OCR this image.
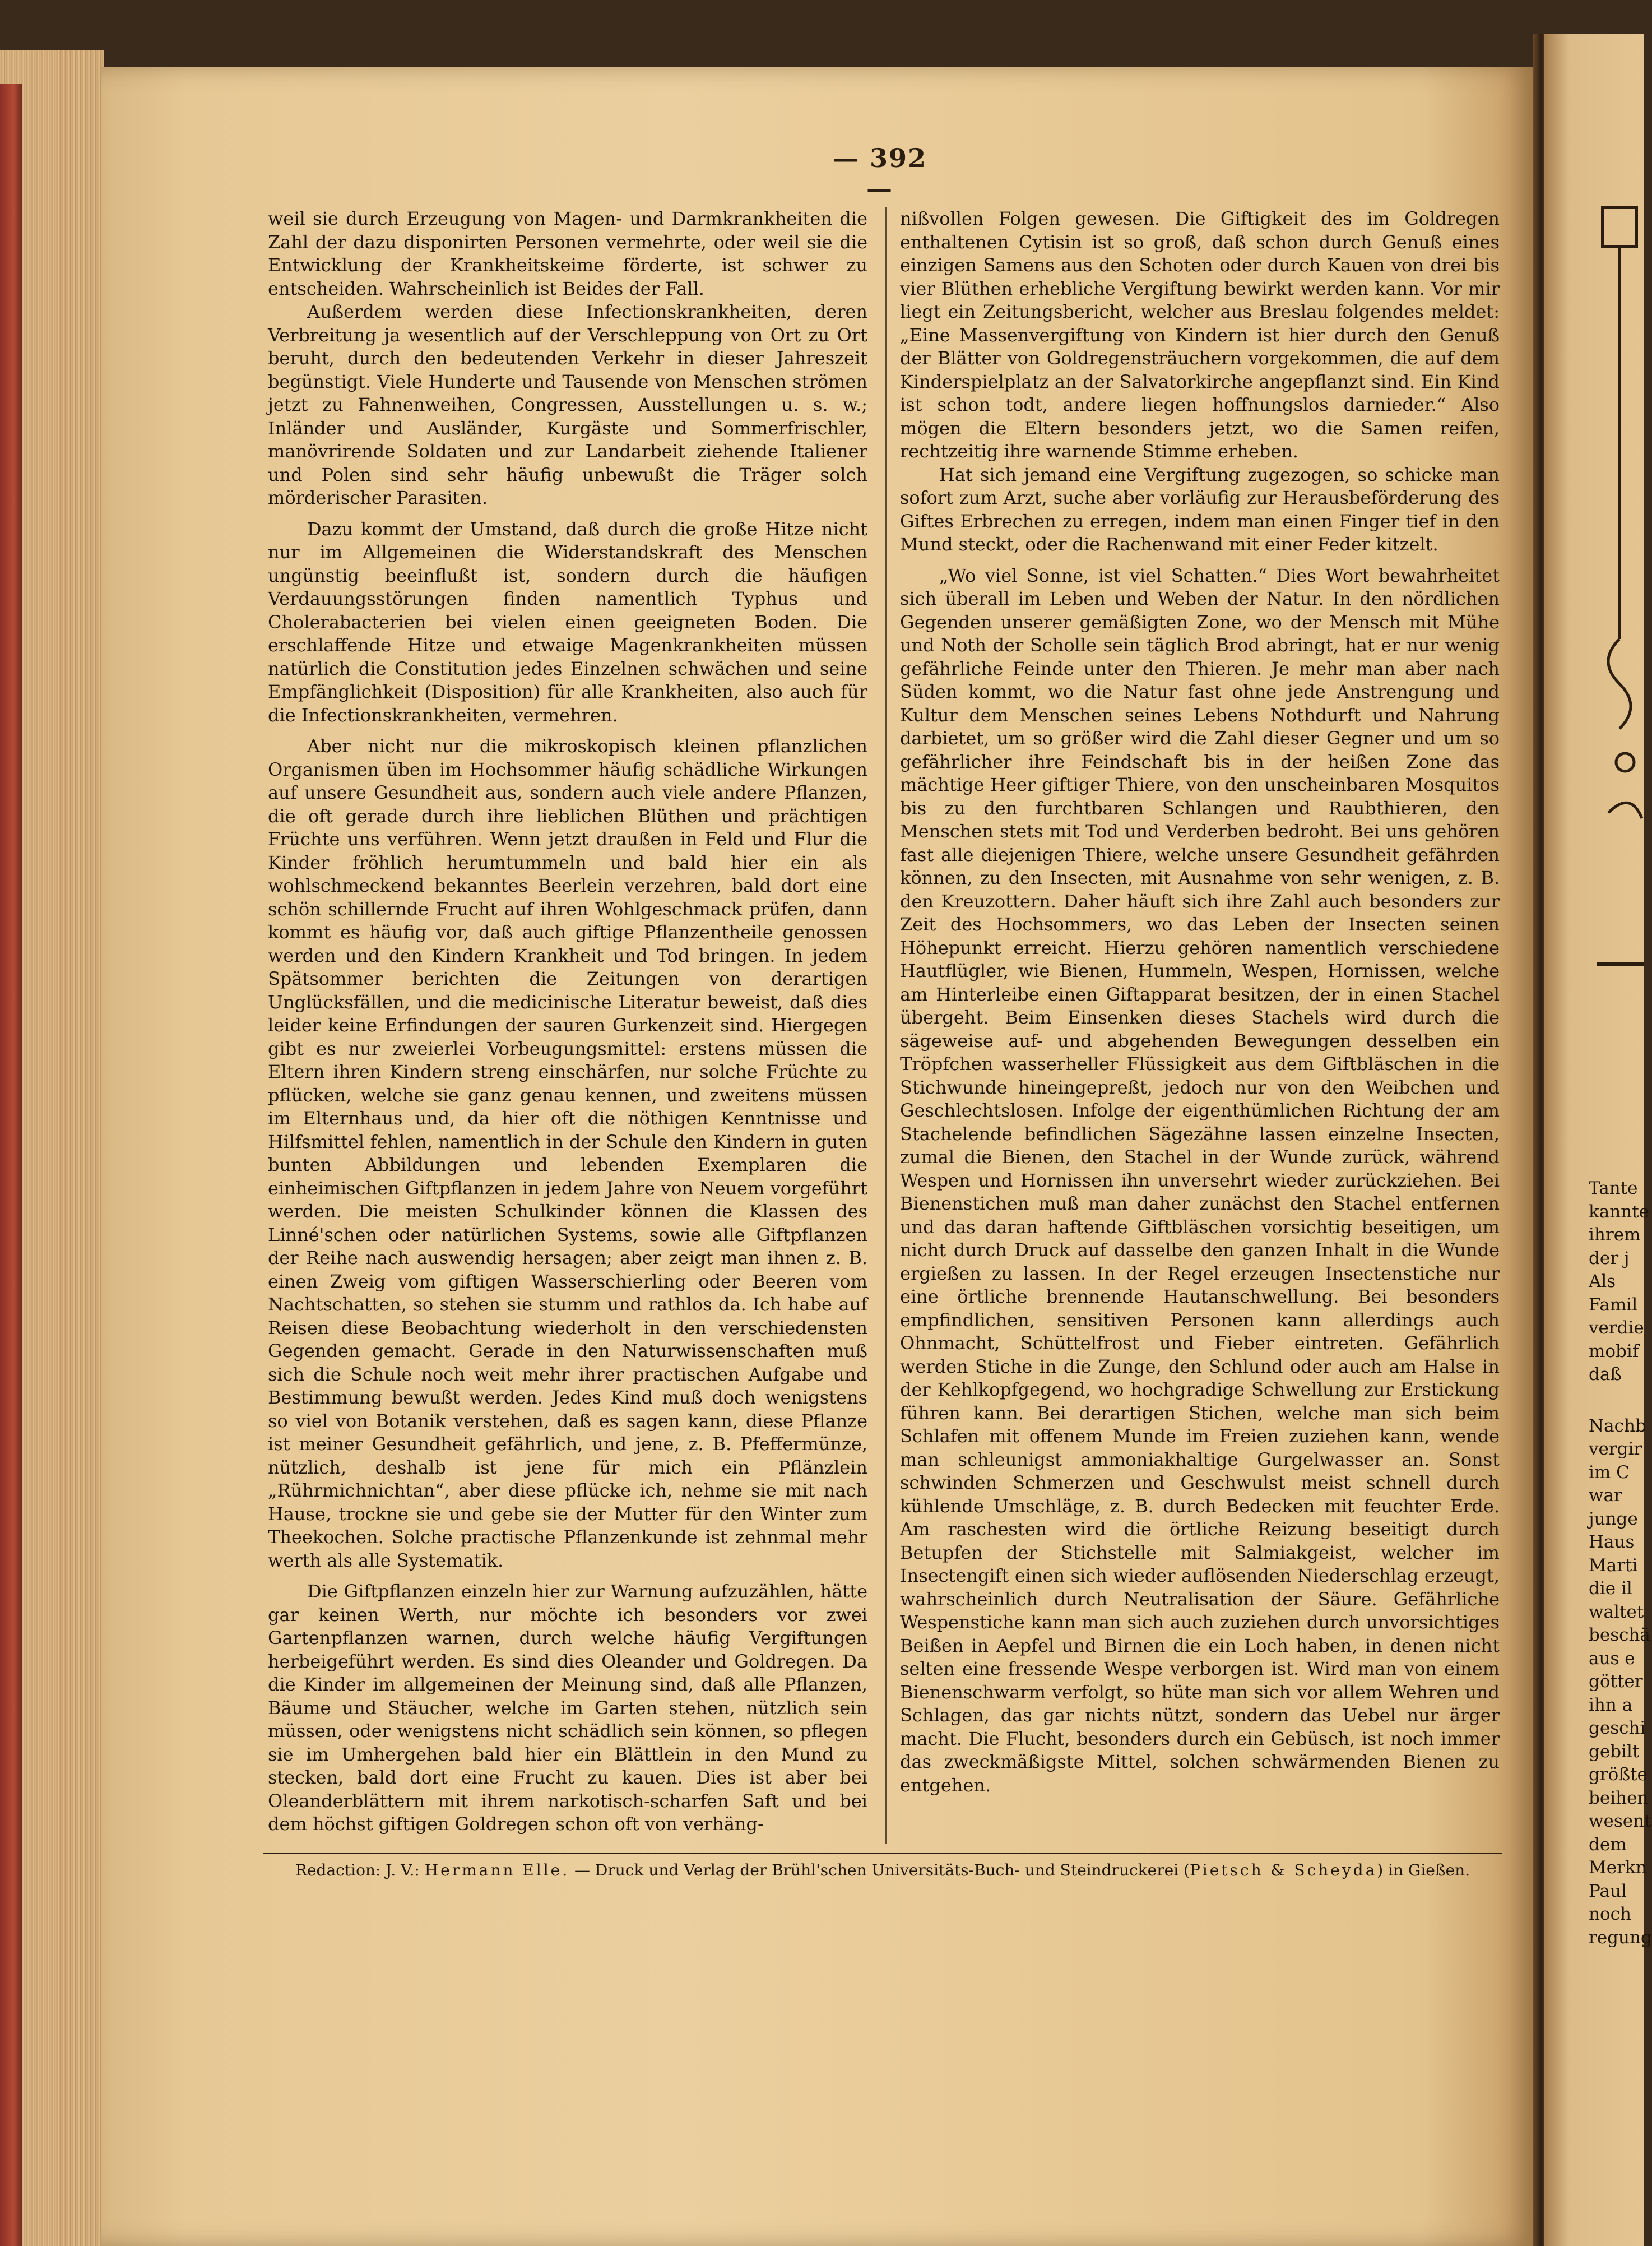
— 392 —

weil sie durch Erzeugung von Magen- und Darmkrankheiten die Zahl der dazu disponirten Personen vermehrte, oder weil sie die Entwicklung der Krankheitskeime förderte, ist schwer zu entscheiden. Wahrscheinlich ist Beides der Fall.

Außerdem werden diese Infectionskrankheiten, deren Verbreitung ja wesentlich auf der Verschleppung von Ort zu Ort beruht, durch den bedeutenden Verkehr in dieser Jahreszeit begünstigt. Viele Hunderte und Tausende von Menschen strömen jetzt zu Fahnenweihen, Congressen, Ausstellungen u. s. w.; Inländer und Ausländer, Kurgäste und Sommerfrischler, manövrirende Soldaten und zur Landarbeit ziehende Italiener und Polen sind sehr häufig unbewußt die Träger solch mörderischer Parasiten.

Dazu kommt der Umstand, daß durch die große Hitze nicht nur im Allgemeinen die Widerstandskraft des Menschen ungünstig beeinflußt ist, sondern durch die häufigen Verdauungsstörungen finden namentlich Typhus und Cholerabacterien bei vielen einen geeigneten Boden. Die erschlaffende Hitze und etwaige Magenkrankheiten müssen natürlich die Constitution jedes Einzelnen schwächen und seine Empfänglichkeit (Disposition) für alle Krankheiten, also auch für die Infectionskrankheiten, vermehren.

Aber nicht nur die mikroskopisch kleinen pflanzlichen Organismen üben im Hochsommer häufig schädliche Wirkungen auf unsere Gesundheit aus, sondern auch viele andere Pflanzen, die oft gerade durch ihre lieblichen Blüthen und prächtigen Früchte uns verführen. Wenn jetzt draußen in Feld und Flur die Kinder fröhlich herumtummeln und bald hier ein als wohlschmeckend bekanntes Beerlein verzehren, bald dort eine schön schillernde Frucht auf ihren Wohlgeschmack prüfen, dann kommt es häufig vor, daß auch giftige Pflanzentheile genossen werden und den Kindern Krankheit und Tod bringen. In jedem Spätsommer berichten die Zeitungen von derartigen Unglücksfällen, und die medicinische Literatur beweist, daß dies leider keine Erfindungen der sauren Gurkenzeit sind. Hiergegen gibt es nur zweierlei Vorbeugungsmittel: erstens müssen die Eltern ihren Kindern streng einschärfen, nur solche Früchte zu pflücken, welche sie ganz genau kennen, und zweitens müssen im Elternhaus und, da hier oft die nöthigen Kenntnisse und Hilfsmittel fehlen, namentlich in der Schule den Kindern in guten bunten Abbildungen und lebenden Exemplaren die einheimischen Giftpflanzen in jedem Jahre von Neuem vorgeführt werden. Die meisten Schulkinder können die Klassen des Linné'schen oder natürlichen Systems, sowie alle Giftpflanzen der Reihe nach auswendig hersagen; aber zeigt man ihnen z. B. einen Zweig vom giftigen Wasserschierling oder Beeren vom Nachtschatten, so stehen sie stumm und rathlos da. Ich habe auf Reisen diese Beobachtung wiederholt in den verschiedensten Gegenden gemacht. Gerade in den Naturwissenschaften muß sich die Schule noch weit mehr ihrer practischen Aufgabe und Bestimmung bewußt werden. Jedes Kind muß doch wenigstens so viel von Botanik verstehen, daß es sagen kann, diese Pflanze ist meiner Gesundheit gefährlich, und jene, z. B. Pfeffermünze, nützlich, deshalb ist jene für mich ein Pflänzlein „Rührmichnichtan“, aber diese pflücke ich, nehme sie mit nach Hause, trockne sie und gebe sie der Mutter für den Winter zum Theekochen. Solche practische Pflanzenkunde ist zehnmal mehr werth als alle Systematik.

Die Giftpflanzen einzeln hier zur Warnung aufzuzählen, hätte gar keinen Werth, nur möchte ich besonders vor zwei Gartenpflanzen warnen, durch welche häufig Vergiftungen herbeigeführt werden. Es sind dies Oleander und Goldregen. Da die Kinder im allgemeinen der Meinung sind, daß alle Pflanzen, Bäume und Stäucher, welche im Garten stehen, nützlich sein müssen, oder wenigstens nicht schädlich sein können, so pflegen sie im Umhergehen bald hier ein Blättlein in den Mund zu stecken, bald dort eine Frucht zu kauen. Dies ist aber bei Oleanderblättern mit ihrem narkotisch-scharfen Saft und bei dem höchst giftigen Goldregen schon oft von verhäng-

nißvollen Folgen gewesen. Die Giftigkeit des im Goldregen enthaltenen Cytisin ist so groß, daß schon durch Genuß eines einzigen Samens aus den Schoten oder durch Kauen von drei bis vier Blüthen erhebliche Vergiftung bewirkt werden kann. Vor mir liegt ein Zeitungsbericht, welcher aus Breslau folgendes meldet: „Eine Massenvergiftung von Kindern ist hier durch den Genuß der Blätter von Goldregensträuchern vorgekommen, die auf dem Kinderspielplatz an der Salvatorkirche angepflanzt sind. Ein Kind ist schon todt, andere liegen hoffnungslos darnieder.“ Also mögen die Eltern besonders jetzt, wo die Samen reifen, rechtzeitig ihre warnende Stimme erheben.

Hat sich jemand eine Vergiftung zugezogen, so schicke man sofort zum Arzt, suche aber vorläufig zur Herausbeförderung des Giftes Erbrechen zu erregen, indem man einen Finger tief in den Mund steckt, oder die Rachenwand mit einer Feder kitzelt.

„Wo viel Sonne, ist viel Schatten.“ Dies Wort bewahrheitet sich überall im Leben und Weben der Natur. In den nördlichen Gegenden unserer gemäßigten Zone, wo der Mensch mit Mühe und Noth der Scholle sein täglich Brod abringt, hat er nur wenig gefährliche Feinde unter den Thieren. Je mehr man aber nach Süden kommt, wo die Natur fast ohne jede Anstrengung und Kultur dem Menschen seines Lebens Nothdurft und Nahrung darbietet, um so größer wird die Zahl dieser Gegner und um so gefährlicher ihre Feindschaft bis in der heißen Zone das mächtige Heer giftiger Thiere, von den unscheinbaren Mosquitos bis zu den furchtbaren Schlangen und Raubthieren, den Menschen stets mit Tod und Verderben bedroht. Bei uns gehören fast alle diejenigen Thiere, welche unsere Gesundheit gefährden können, zu den Insecten, mit Ausnahme von sehr wenigen, z. B. den Kreuzottern. Daher häuft sich ihre Zahl auch besonders zur Zeit des Hochsommers, wo das Leben der Insecten seinen Höhepunkt erreicht. Hierzu gehören namentlich verschiedene Hautflügler, wie Bienen, Hummeln, Wespen, Hornissen, welche am Hinterleibe einen Giftapparat besitzen, der in einen Stachel übergeht. Beim Einsenken dieses Stachels wird durch die sägeweise auf- und abgehenden Bewegungen desselben ein Tröpfchen wasserheller Flüssigkeit aus dem Giftbläschen in die Stichwunde hineingepreßt, jedoch nur von den Weibchen und Geschlechtslosen. Infolge der eigenthümlichen Richtung der am Stachelende befindlichen Sägezähne lassen einzelne Insecten, zumal die Bienen, den Stachel in der Wunde zurück, während Wespen und Hornissen ihn unversehrt wieder zurückziehen. Bei Bienenstichen muß man daher zunächst den Stachel entfernen und das daran haftende Giftbläschen vorsichtig beseitigen, um nicht durch Druck auf dasselbe den ganzen Inhalt in die Wunde ergießen zu lassen. In der Regel erzeugen Insectenstiche nur eine örtliche brennende Hautanschwellung. Bei besonders empfindlichen, sensitiven Personen kann allerdings auch Ohnmacht, Schüttelfrost und Fieber eintreten. Gefährlich werden Stiche in die Zunge, den Schlund oder auch am Halse in der Kehlkopfgegend, wo hochgradige Schwellung zur Erstickung führen kann. Bei derartigen Stichen, welche man sich beim Schlafen mit offenem Munde im Freien zuziehen kann, wende man schleunigst ammoniakhaltige Gurgelwasser an. Sonst schwinden Schmerzen und Geschwulst meist schnell durch kühlende Umschläge, z. B. durch Bedecken mit feuchter Erde. Am raschesten wird die örtliche Reizung beseitigt durch Betupfen der Stichstelle mit Salmiakgeist, welcher im Insectengift einen sich wieder auflösenden Niederschlag erzeugt, wahrscheinlich durch Neutralisation der Säure. Gefährliche Wespenstiche kann man sich auch zuziehen durch unvorsichtiges Beißen in Aepfel und Birnen die ein Loch haben, in denen nicht selten eine fressende Wespe verborgen ist. Wird man von einem Bienenschwarm verfolgt, so hüte man sich vor allem Wehren und Schlagen, das gar nichts nützt, sondern das Uebel nur ärger macht. Die Flucht, besonders durch ein Gebüsch, ist noch immer das zweckmäßigste Mittel, solchen schwärmenden Bienen zu entgehen.

Redaction: J. V.: Hermann Elle. — Druck und Verlag der Brühl'schen Universitäts-Buch- und Steindruckerei (Pietsch & Scheyda) in Gießen.
Tante
kannte
ihrem
der j
Als
Famil
verdie
mobif
daß
Nachb
vergir
im C
war
junge
Haus
Marti
die il
waltet
beschä
aus e
götter
ihn a
geschi
gebilt
größte
beihen
wesent
dem
Merkn
Paul
noch
regung
